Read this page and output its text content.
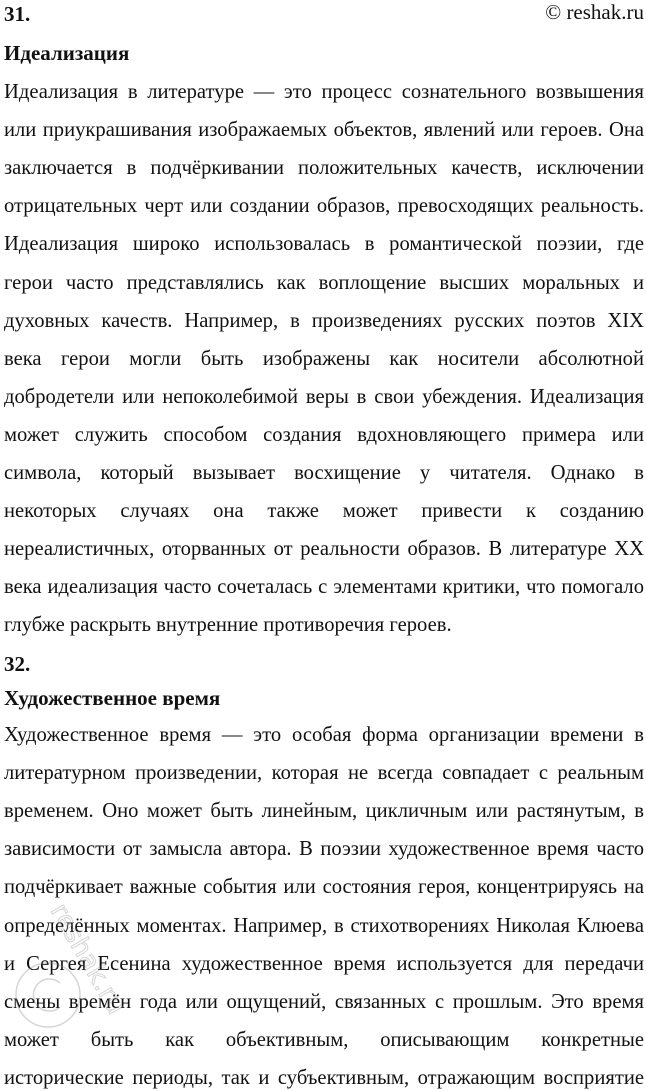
31.	© reshak.ru
Идеализация
Идеализация в литературе — это процесс сознательного возвышения
или приукрашивания изображаемых объектов, явлений или героев. Она
заключается в подчёркивании положительных качеств, исключении
отрицательных черт или создании образов, превосходящих реальность.
Идеализация широко использовалась в романтической поэзии, где
герои часто представлялись как воплощение высших моральных и
духовных качеств. Например, в произведениях русских поэтов XIX
века герои могли быть изображены как носители абсолютной
добродетели или непоколебимой веры в свои убеждения. Идеализация
может служить способом создания вдохновляющего примера или
символа, который вызывает восхищение у читателя. Однако в
некоторых случаях она также может привести к созданию
нереалистичных, оторванных от реальности образов. В литературе XX
века идеализация часто сочеталась с элементами критики, что помогало
глубже раскрыть внутренние противоречия героев.
32.
Художественное время
Художественное время — это особая форма организации времени в
литературном произведении, которая не всегда совпадает с реальным
временем. Оно может быть линейным, цикличным или растянутым, в
зависимости от замысла автора. В поэзии художественное время часто
подчёркивает важные события или состояния героя, концентрируясь на
определённых моментах. Например, в стихотворениях Николая Клюева
и Сергея Есенина художественное время используется для передачи
смены времён года или ощущений, связанных с прошлым. Это время
может быть как объективным, описывающим конкретные
исторические периоды, так и субъективным, отражающим восприятие
reshak.ru
